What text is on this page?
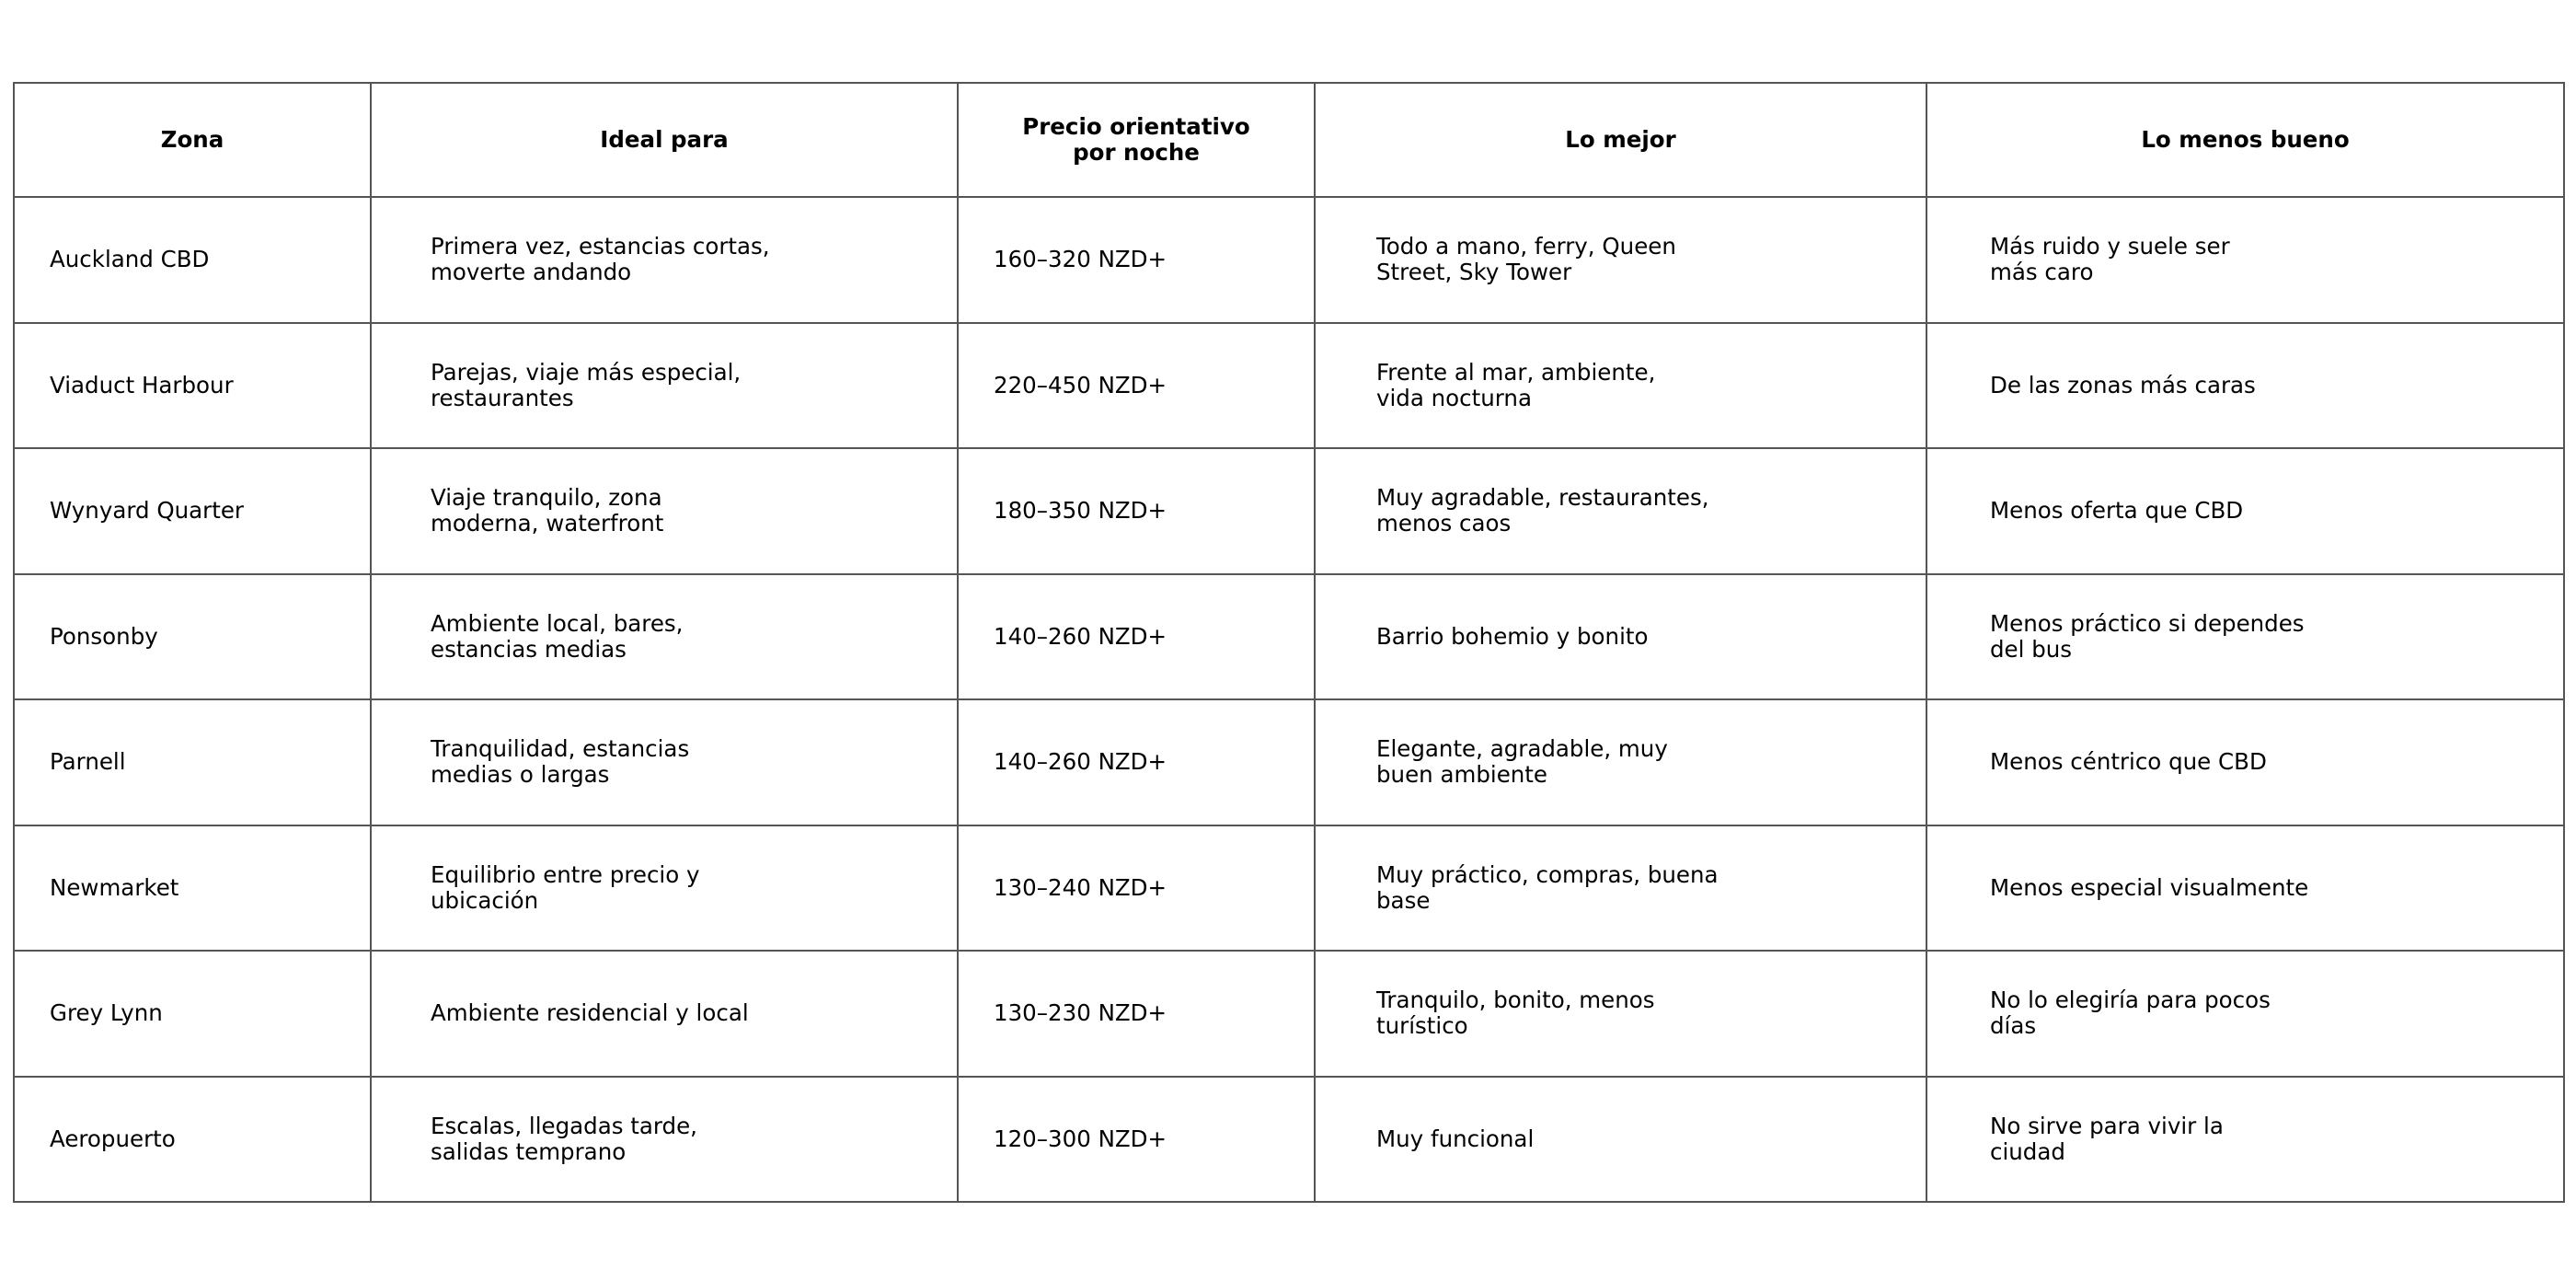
Zona	Ideal para	Precio orientativo por noche	Lo mejor	Lo menos bueno
Auckland CBD	Primera vez, estancias cortas, moverte andando	160–320 NZD+	Todo a mano, ferry, Queen Street, Sky Tower	Más ruido y suele ser más caro
Viaduct Harbour	Parejas, viaje más especial, restaurantes	220–450 NZD+	Frente al mar, ambiente, vida nocturna	De las zonas más caras
Wynyard Quarter	Viaje tranquilo, zona moderna, waterfront	180–350 NZD+	Muy agradable, restaurantes, menos caos	Menos oferta que CBD
Ponsonby	Ambiente local, bares, estancias medias	140–260 NZD+	Barrio bohemio y bonito	Menos práctico si dependes del bus
Parnell	Tranquilidad, estancias medias o largas	140–260 NZD+	Elegante, agradable, muy buen ambiente	Menos céntrico que CBD
Newmarket	Equilibrio entre precio y ubicación	130–240 NZD+	Muy práctico, compras, buena base	Menos especial visualmente
Grey Lynn	Ambiente residencial y local	130–230 NZD+	Tranquilo, bonito, menos turístico	No lo elegiría para pocos días
Aeropuerto	Escalas, llegadas tarde, salidas temprano	120–300 NZD+	Muy funcional	No sirve para vivir la ciudad
